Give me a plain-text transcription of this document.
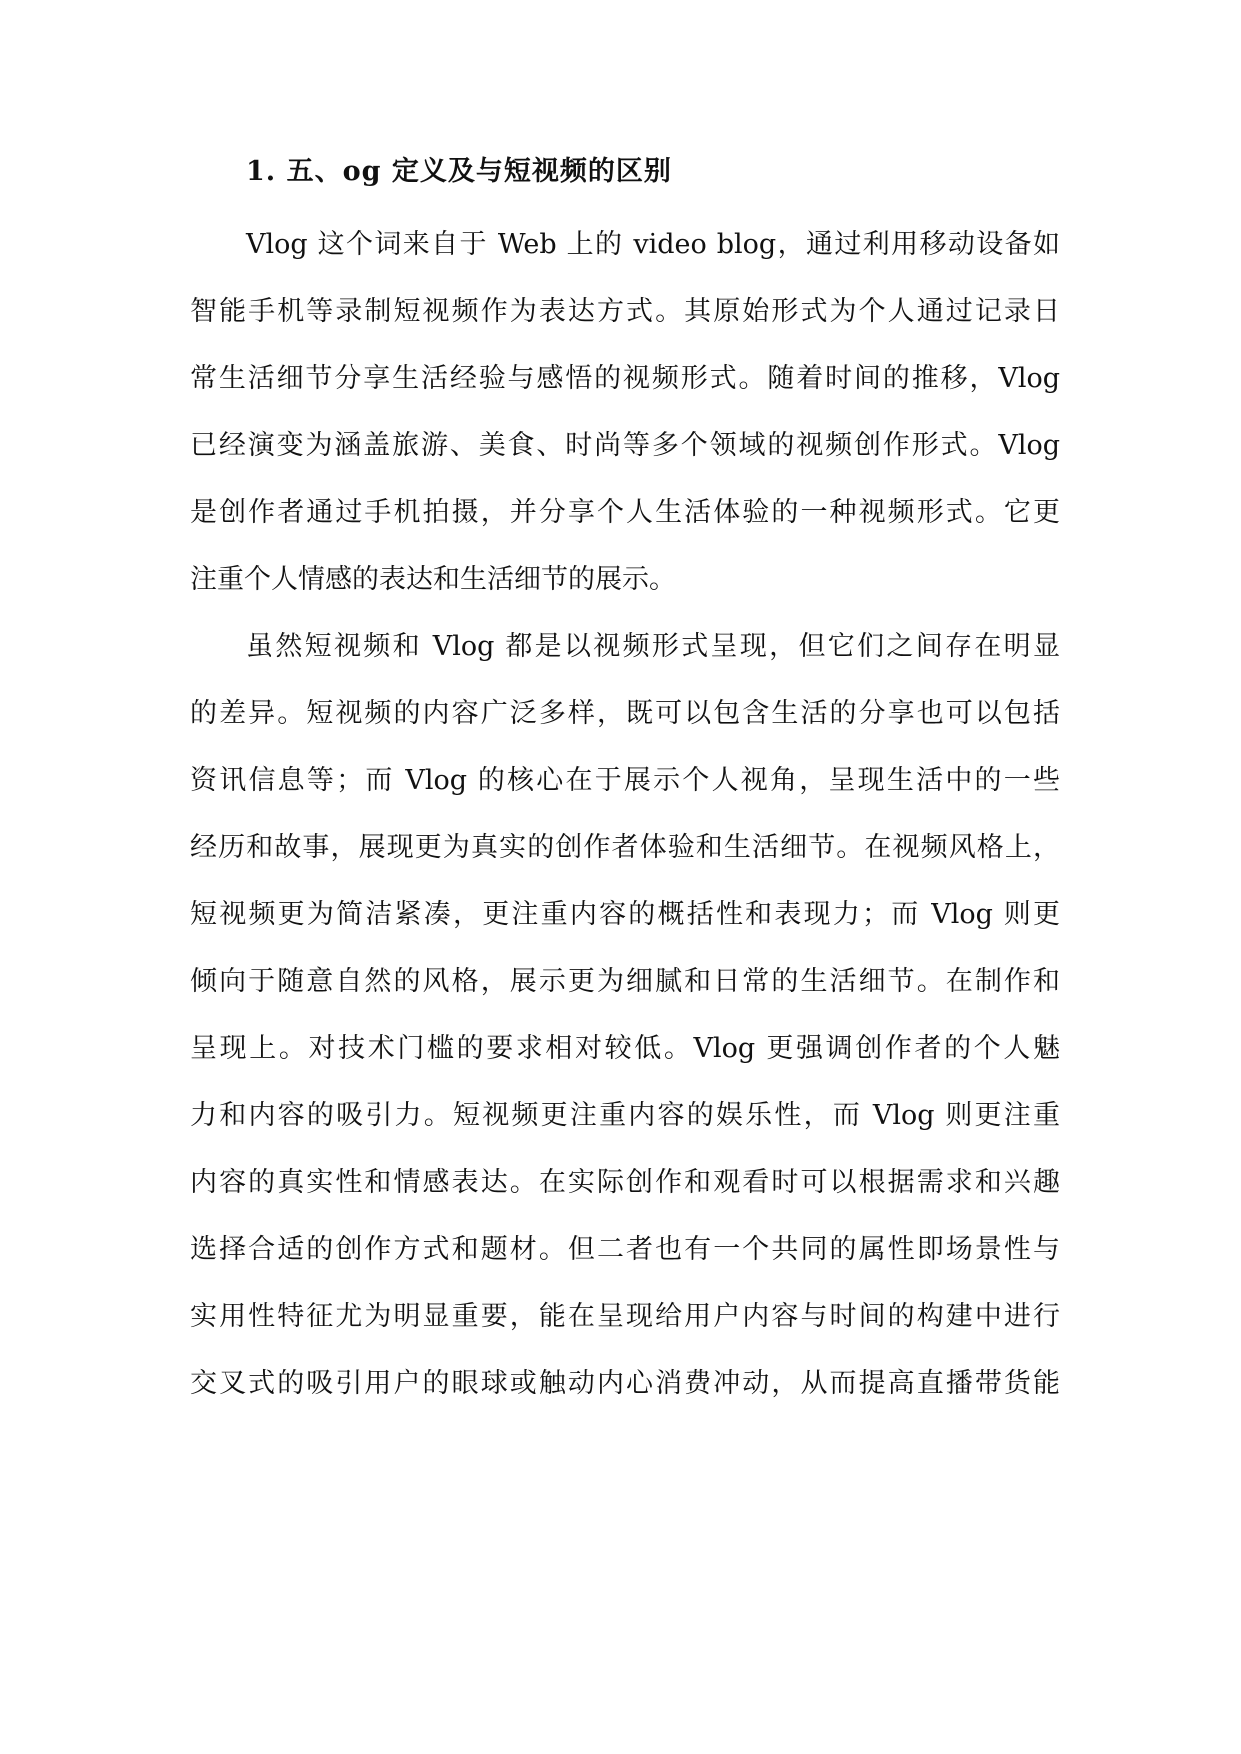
1. 五、og 定义及与短视频的区别
Vlog 这个词来自于 Web 上的 video blog，通过利用移动设备如
智能手机等录制短视频作为表达方式。其原始形式为个人通过记录日
常生活细节分享生活经验与感悟的视频形式。随着时间的推移，Vlog
已经演变为涵盖旅游、美食、时尚等多个领域的视频创作形式。Vlog
是创作者通过手机拍摄，并分享个人生活体验的一种视频形式。它更
注重个人情感的表达和生活细节的展示。
虽然短视频和 Vlog 都是以视频形式呈现，但它们之间存在明显
的差异。短视频的内容广泛多样，既可以包含生活的分享也可以包括
资讯信息等；而 Vlog 的核心在于展示个人视角，呈现生活中的一些
经历和故事，展现更为真实的创作者体验和生活细节。在视频风格上，
短视频更为简洁紧凑，更注重内容的概括性和表现力；而 Vlog 则更
倾向于随意自然的风格，展示更为细腻和日常的生活细节。在制作和
呈现上。对技术门槛的要求相对较低。Vlog 更强调创作者的个人魅
力和内容的吸引力。短视频更注重内容的娱乐性，而 Vlog 则更注重
内容的真实性和情感表达。在实际创作和观看时可以根据需求和兴趣
选择合适的创作方式和题材。但二者也有一个共同的属性即场景性与
实用性特征尤为明显重要，能在呈现给用户内容与时间的构建中进行
交叉式的吸引用户的眼球或触动内心消费冲动，从而提高直播带货能
